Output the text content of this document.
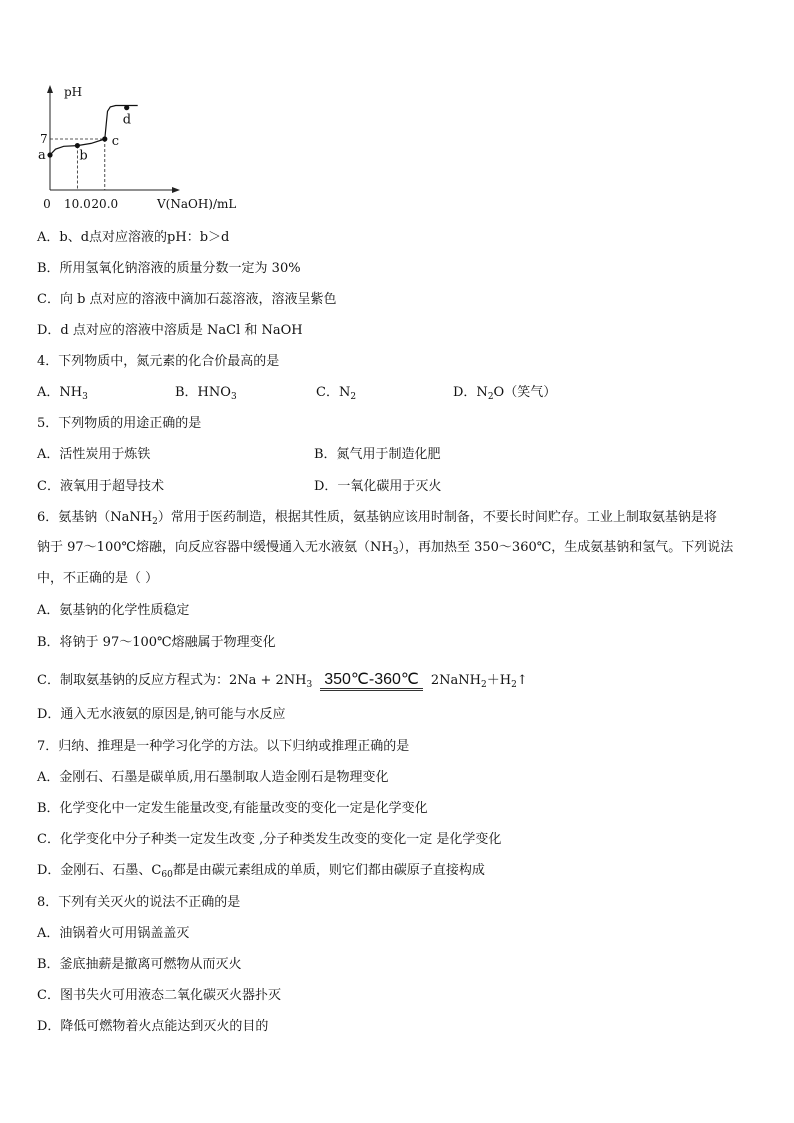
pH
V(NaOH)/mL
0 10.0 20.0
7
a	b
c
d
A．b、d点对应溶液的pH：b＞d
B．所用氢氧化钠溶液的质量分数一定为 30%
C．向 b 点对应的溶液中滴加石蕊溶液，溶液呈紫色
D．d 点对应的溶液中溶质是 NaCl 和 NaOH
4．下列物质中，氮元素的化合价最高的是
A．$NH_3$	B．$HNO_3$	C．$N_2$	D．$N_2O$（笑气）
5．下列物质的用途正确的是
A．活性炭用于炼铁	B．氮气用于制造化肥
C．液氧用于超导技术	D．一氧化碳用于灭火
6．氨基钠（NaNH$_2$）常用于医药制造，根据其性质，氨基钠应该用时制备，不要长时间贮存。工业上制取氨基钠是将
钠于 97～100℃熔融，向反应容器中缓慢通入无水液氨$(NH_3)$，再加热至 350～360℃，生成氨基钠和氢气。下列说法
中，不正确的是（ ）
A．氨基钠的化学性质稳定
B．将钠于 97～100℃熔融属于物理变化
C．制取氨基钠的反应方程式为：$2Na + 2NH_3$ 350℃-360℃ $2NaNH_2+H_2↑$
D．通入无水液氨的原因是,钠可能与水反应
7．归纳、推理是一种学习化学的方法。以下归纳或推理正确的是
A．金刚石、石墨是碳单质,用石墨制取人造金刚石是物理变化
B．化学变化中一定发生能量改变,有能量改变的变化一定是化学变化
C．化学变化中分子种类一定发生改变 ,分子种类发生改变的变化一定 是化学变化
D．金刚石、石墨、$C_{60}$都是由碳元素组成的单质，则它们都由碳原子直接构成
8．下列有关灭火的说法不正确的是
A．油锅着火可用锅盖盖灭
B．釜底抽薪是撤离可燃物从而灭火
C．图书失火可用液态二氧化碳灭火器扑灭
D．降低可燃物着火点能达到灭火的目的
